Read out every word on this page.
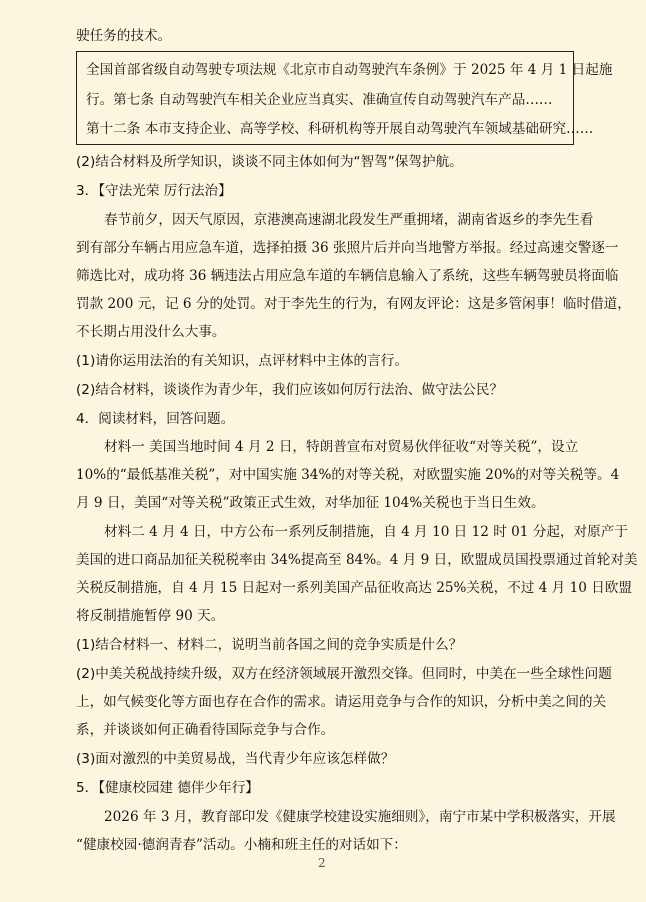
驶任务的技术。
全国首部省级自动驾驶专项法规《北京市自动驾驶汽车条例》于 2025 年 4 月 1 日起施
行。第七条 自动驾驶汽车相关企业应当真实、准确宣传自动驾驶汽车产品……
第十二条 本市支持企业、高等学校、科研机构等开展自动驾驶汽车领域基础研究……
(2)结合材料及所学知识，谈谈不同主体如何为“智驾”保驾护航。
3．【守法光荣 厉行法治】
春节前夕，因天气原因，京港澳高速湖北段发生严重拥堵，湖南省返乡的李先生看
到有部分车辆占用应急车道，选择拍摄 36 张照片后并向当地警方举报。经过高速交警逐一
筛选比对，成功将 36 辆违法占用应急车道的车辆信息输入了系统，这些车辆驾驶员将面临
罚款 200 元，记 6 分的处罚。对于李先生的行为，有网友评论：这是多管闲事！临时借道，
不长期占用没什么大事。
(1)请你运用法治的有关知识，点评材料中主体的言行。
(2)结合材料，谈谈作为青少年，我们应该如何厉行法治、做守法公民？
4．阅读材料，回答问题。
材料一 美国当地时间 4 月 2 日，特朗普宣布对贸易伙伴征收“对等关税”，设立
10%的“最低基准关税”，对中国实施 34%的对等关税，对欧盟实施 20%的对等关税等。4
月 9 日，美国“对等关税”政策正式生效，对华加征 104%关税也于当日生效。
材料二 4 月 4 日，中方公布一系列反制措施，自 4 月 10 日 12 时 01 分起，对原产于
美国的进口商品加征关税税率由 34%提高至 84%。4 月 9 日，欧盟成员国投票通过首轮对美
关税反制措施，自 4 月 15 日起对一系列美国产品征收高达 25%关税，不过 4 月 10 日欧盟
将反制措施暂停 90 天。
(1)结合材料一、材料二，说明当前各国之间的竞争实质是什么？
(2)中美关税战持续升级，双方在经济领域展开激烈交锋。但同时，中美在一些全球性问题
上，如气候变化等方面也存在合作的需求。请运用竞争与合作的知识，分析中美之间的关
系，并谈谈如何正确看待国际竞争与合作。
(3)面对激烈的中美贸易战，当代青少年应该怎样做？
5．【健康校园建 德伴少年行】
2026 年 3 月，教育部印发《健康学校建设实施细则》，南宁市某中学积极落实，开展
“健康校园·德润青春”活动。小楠和班主任的对话如下：
2
